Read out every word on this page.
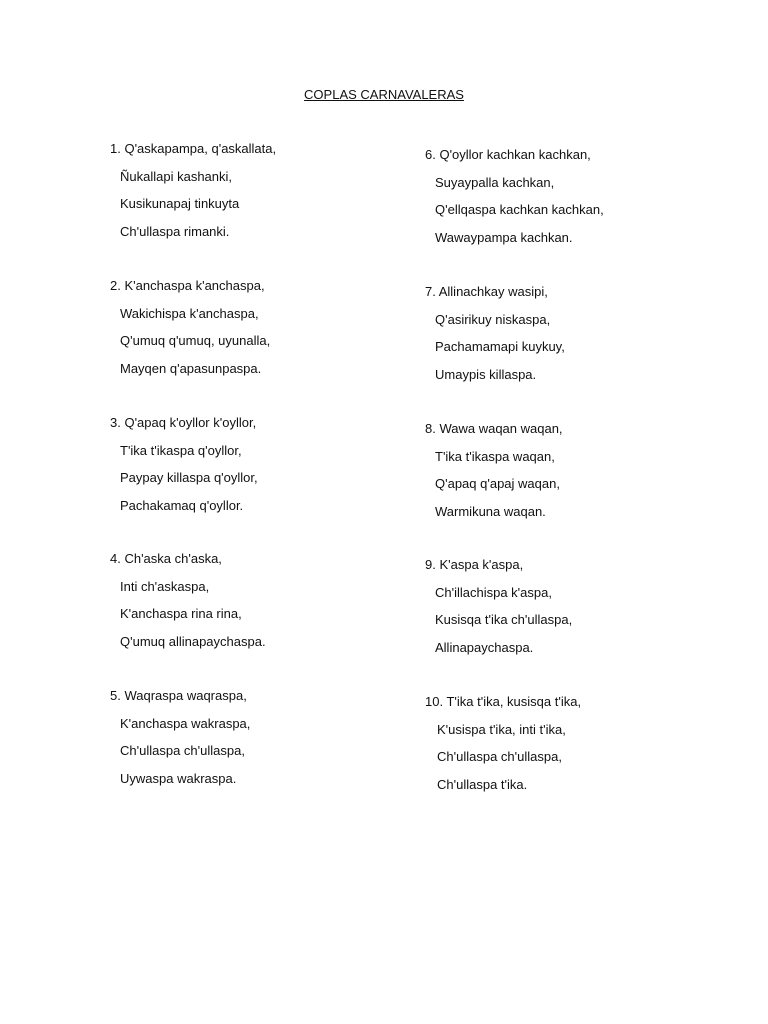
COPLAS CARNAVALERAS
1. Q'askapampa, q'askallata,
Ñukallapi kashanki,
Kusikunapaj tinkuyta
Ch'ullaspa rimanki.
2. K'anchaspa k'anchaspa,
Wakichispa k'anchaspa,
Q'umuq q'umuq, uyunalla,
Mayqen q'apasunpaspa.
3. Q'apaq k'oyllor k'oyllor,
T'ika t'ikaspa q'oyllor,
Paypay killaspa q'oyllor,
Pachakamaq q'oyllor.
4. Ch'aska ch'aska,
Inti ch'askaspa,
K'anchaspa rina rina,
Q'umuq allinapaychaspa.
5. Waqraspa waqraspa,
K'anchaspa wakraspa,
Ch'ullaspa ch'ullaspa,
Uywaspa wakraspa.
6. Q'oyllor kachkan kachkan,
Suyaypalla kachkan,
Q'ellqaspa kachkan kachkan,
Wawaypampa kachkan.
7. Allinachkay wasipi,
Q'asirikuy niskaspa,
Pachamamapi kuykuy,
Umaypis killaspa.
8. Wawa waqan waqan,
T'ika t'ikaspa waqan,
Q'apaq q'apaj waqan,
Warmikuna waqan.
9. K'aspa k'aspa,
Ch'illachispa k'aspa,
Kusisqa t'ika ch'ullaspa,
Allinapaychaspa.
10. T'ika t'ika, kusisqa t'ika,
K'usispa t'ika, inti t'ika,
Ch'ullaspa ch'ullaspa,
Ch'ullaspa t'ika.
